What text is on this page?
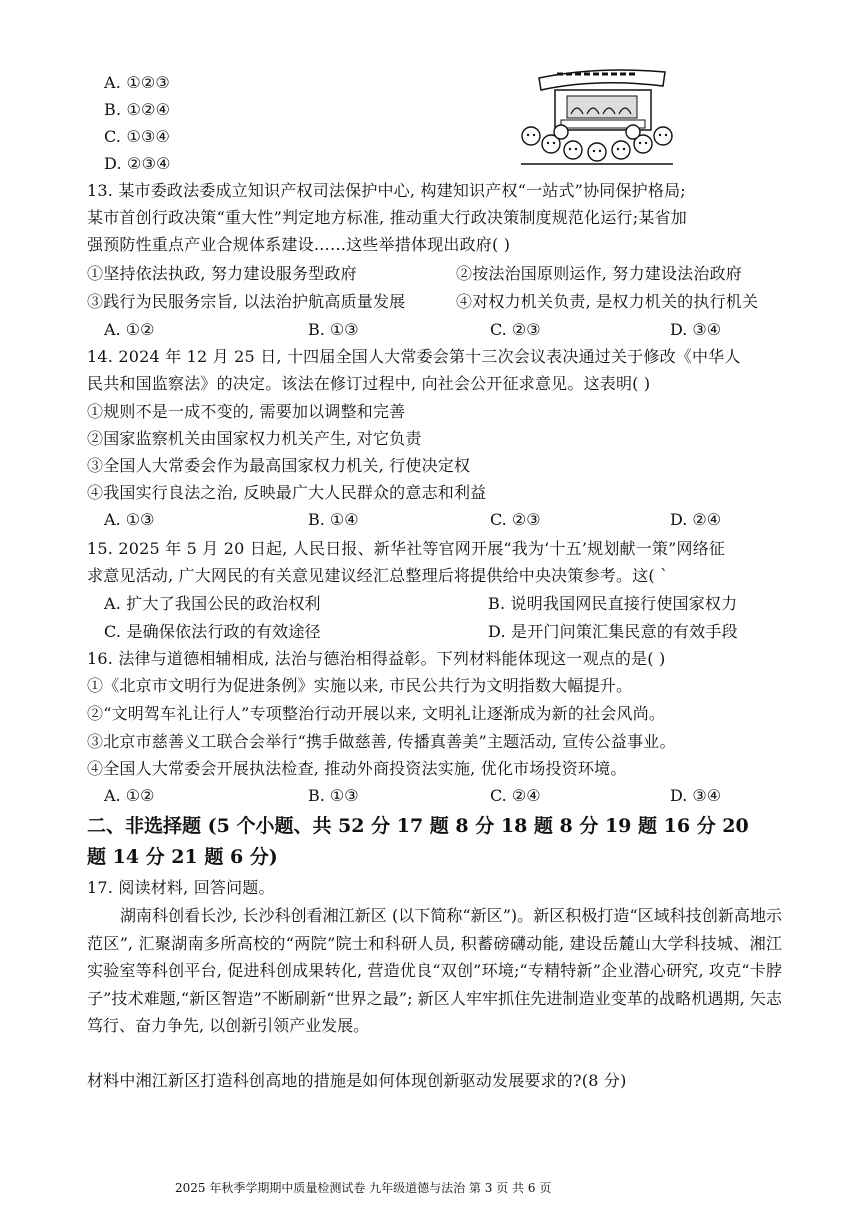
A. ①②③
B. ①②④
C. ①③④
D. ②③④
13. 某市委政法委成立知识产权司法保护中心, 构建知识产权“一站式”协同保护格局;
某市首创行政决策“重大性”判定地方标准, 推动重大行政决策制度规范化运行;某省加
强预防性重点产业合规体系建设……这些举措体现出政府( )
①坚持依法执政, 努力建设服务型政府	②按法治国原则运作, 努力建设法治政府
③践行为民服务宗旨, 以法治护航高质量发展	④对权力机关负责, 是权力机关的执行机关
A. ①②	B. ①③	C. ②③	D. ③④
14. 2024 年 12 月 25 日, 十四届全国人大常委会第十三次会议表决通过关于修改《中华人
民共和国监察法》的决定。该法在修订过程中, 向社会公开征求意见。这表明( )
①规则不是一成不变的, 需要加以调整和完善
②国家监察机关由国家权力机关产生, 对它负责
③全国人大常委会作为最高国家权力机关, 行使决定权
④我国实行良法之治, 反映最广大人民群众的意志和利益
A. ①③	B. ①④	C. ②③	D. ②④
15. 2025 年 5 月 20 日起, 人民日报、新华社等官网开展“我为‘十五’规划献一策”网络征
求意见活动, 广大网民的有关意见建议经汇总整理后将提供给中央决策参考。这( `
A. 扩大了我国公民的政治权利	B. 说明我国网民直接行使国家权力
C. 是确保依法行政的有效途径	D. 是开门问策汇集民意的有效手段
16. 法律与道德相辅相成, 法治与德治相得益彰。下列材料能体现这一观点的是( )
①《北京市文明行为促进条例》实施以来, 市民公共行为文明指数大幅提升。
②“文明驾车礼让行人”专项整治行动开展以来, 文明礼让逐渐成为新的社会风尚。
③北京市慈善义工联合会举行“携手做慈善, 传播真善美”主题活动, 宣传公益事业。
④全国人大常委会开展执法检查, 推动外商投资法实施, 优化市场投资环境。
A. ①②	B. ①③	C. ②④	D. ③④
二、非选择题 (5 个小题、共 52 分 17 题 8 分 18 题 8 分 19 题 16 分 20
题 14 分 21 题 6 分)
17. 阅读材料, 回答问题。
湖南科创看长沙, 长沙科创看湘江新区 (以下简称“新区”)。新区积极打造“区域科技创新高地示范区”, 汇聚湖南多所高校的“两院”院士和科研人员, 积蓄磅礴动能, 建设岳麓山大学科技城、湘江实验室等科创平台, 促进科创成果转化, 营造优良“双创”环境;“专精特新”企业潜心研究, 攻克“卡脖子”技术难题,“新区智造”不断刷新“世界之最”; 新区人牢牢抓住先进制造业变革的战略机遇期, 矢志笃行、奋力争先, 以创新引领产业发展。
材料中湘江新区打造科创高地的措施是如何体现创新驱动发展要求的?(8 分)
2025 年秋季学期期中质量检测试卷 九年级道德与法治 第 3 页 共 6 页
